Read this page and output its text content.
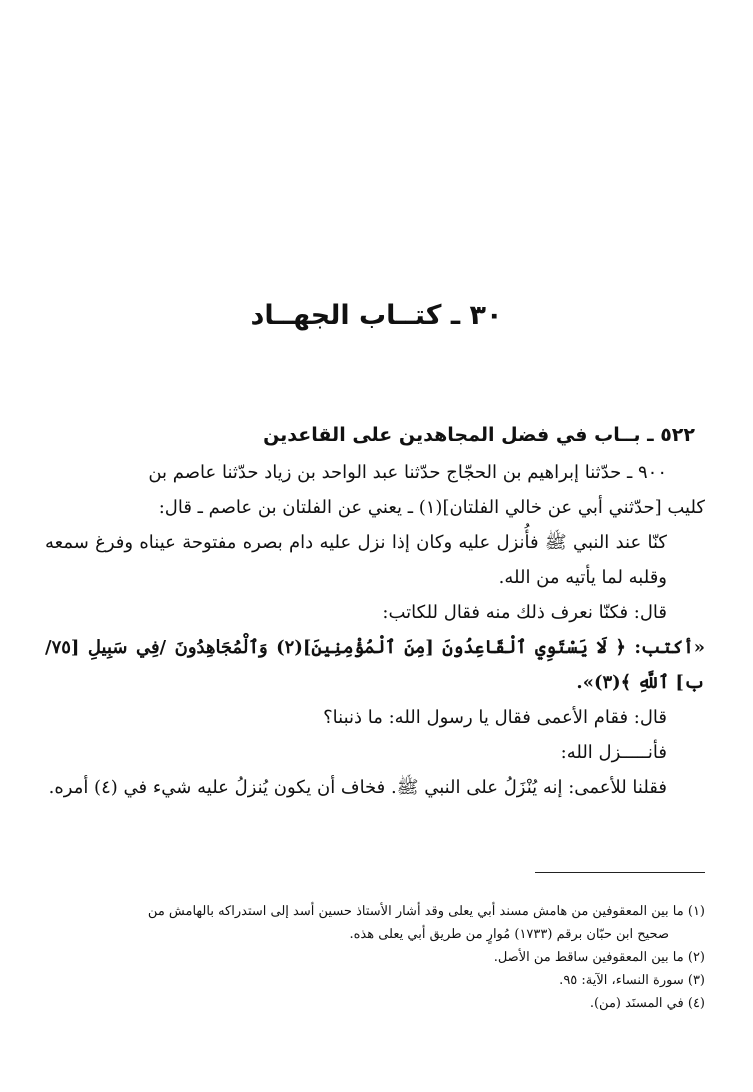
٣٠ ـ كتــاب الجهــاد

٥٢٢ ـ بــاب في فضل المجاهدين على القاعدين

٩٠٠ ـ حدّثنا إبراهيم بن الحجّاج حدّثنا عبد الواحد بن زياد حدّثنا عاصم بن

كليب [حدّثني أبي عن خالي الفلتان](١) ـ يعني عن الفلتان بن عاصم ـ قال:

كنّا عند النبي ﷺ فأُنزل عليه وكان إذا نزل عليه دام بصره مفتوحة عيناه وفرغ سمعه وقلبه لما يأتيه من الله.

قال: فكنّا نعرف ذلك منه فقال للكاتب:

«أكتب: ﴿ لَا يَسْتَوِي ٱلْقَاعِدُونَ [مِنَ ٱلْمُؤْمِنِينَ](٢) وَٱلْمُجَاهِدُونَ /فِي سَبِيلِ [٧٥/ب] ٱللَّهِ ﴾(٣)».

قال: فقام الأعمى فقال يا رسول الله: ما ذنبنا؟

فأنـــــزل الله:

فقلنا للأعمى: إنه يُنْزَلُ على النبي ﷺ. فخاف أن يكون يُنزلُ عليه شيء في (٤) أمره.

(١) ما بين المعقوفين من هامش مسند أبي يعلى وقد أشار الأستاذ حسين أسد إلى استدراكه بالهامش من
صحيح ابن حبّان برقم (١٧٣٣) مُوارٍ من طريق أبي يعلى هذه.
(٢) ما بين المعقوفين ساقط من الأصل.
(٣) سورة النساء، الآية: ٩٥.
(٤) في المسنَد (من).
